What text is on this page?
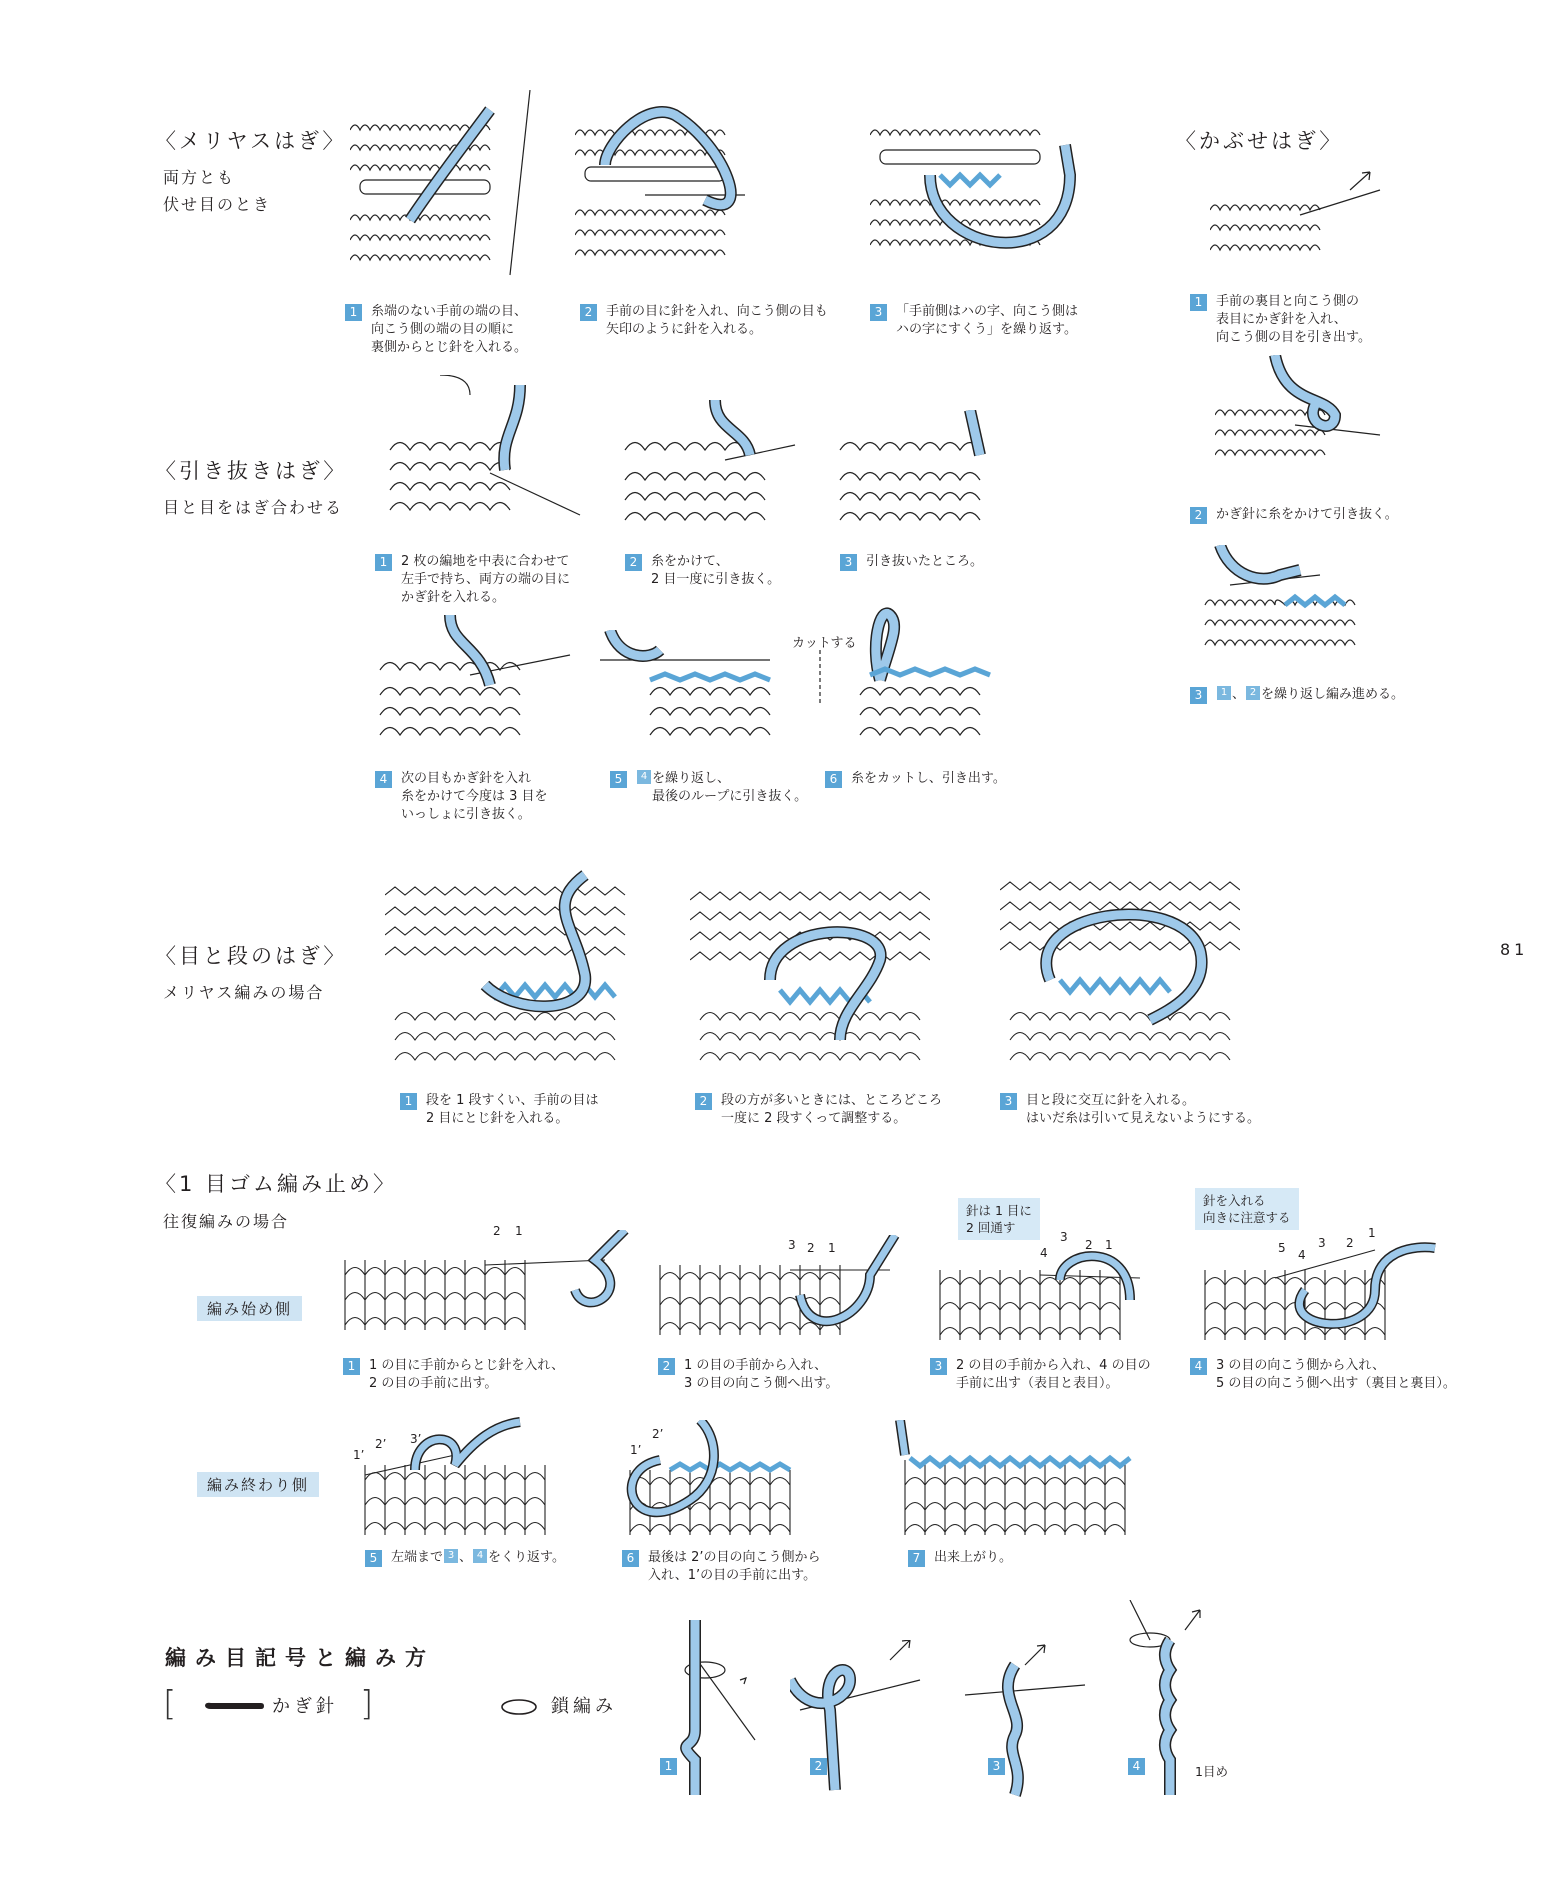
81
〈メリヤスはぎ〉
両方とも
伏せ目のとき
1	糸端のない手前の端の目、
向こう側の端の目の順に
裏側からとじ針を入れる。
2	手前の目に針を入れ、向こう側の目も
矢印のように針を入れる。
3	「手前側はハの字、向こう側は
ハの字にすくう」を繰り返す。
〈かぶせはぎ〉
1	手前の裏目と向こう側の
表目にかぎ針を入れ、
向こう側の目を引き出す。
2	かぎ針に糸をかけて引き抜く。
3	1 、 2 を繰り返し編み進める。
〈引き抜きはぎ〉
目と目をはぎ合わせる
1	2 枚の編地を中表に合わせて
左手で持ち、両方の端の目に
かぎ針を入れる。
2	糸をかけて、
2 目一度に引き抜く。
3	引き抜いたところ。
カットする
4	次の目もかぎ針を入れ
糸をかけて今度は 3 目を
いっしょに引き抜く。
5	4 を繰り返し、
最後のループに引き抜く。
6	糸をカットし、引き出す。
〈目と段のはぎ〉
メリヤス編みの場合
1	段を 1 段すくい、手前の目は
2 目にとじ針を入れる。
2	段の方が多いときには、ところどころ
一度に 2 段すくって調整する。
3	目と段に交互に針を入れる。
はいだ糸は引いて見えないようにする。
〈1 目ゴム編み止め〉
往復編みの場合
編み始め側
編み終わり側
2 1
3 2 1
針は 1 目に
2 回通す
4
3
2 1
針を入れる
向きに注意する
5 4
3 2
1
1	1 の目に手前からとじ針を入れ、
2 の目の手前に出す。
2	1 の目の手前から入れ、
3 の目の向こう側へ出す。
3	2 の目の手前から入れ、4 の目の
手前に出す（表目と表目）。
4	3 の目の向こう側から入れ、
5 の目の向こう側へ出す（裏目と裏目）。
1’
2’ 3’
1’
2’
5	左端まで 3 、 4 をくり返す。	6	最後は 2’の目の向こう側から
入れ、1’の目の手前に出す。
7	出来上がり。
編み目記号と編み方
[	かぎ針 ]	鎖編み
1	2	3	4	1目め
